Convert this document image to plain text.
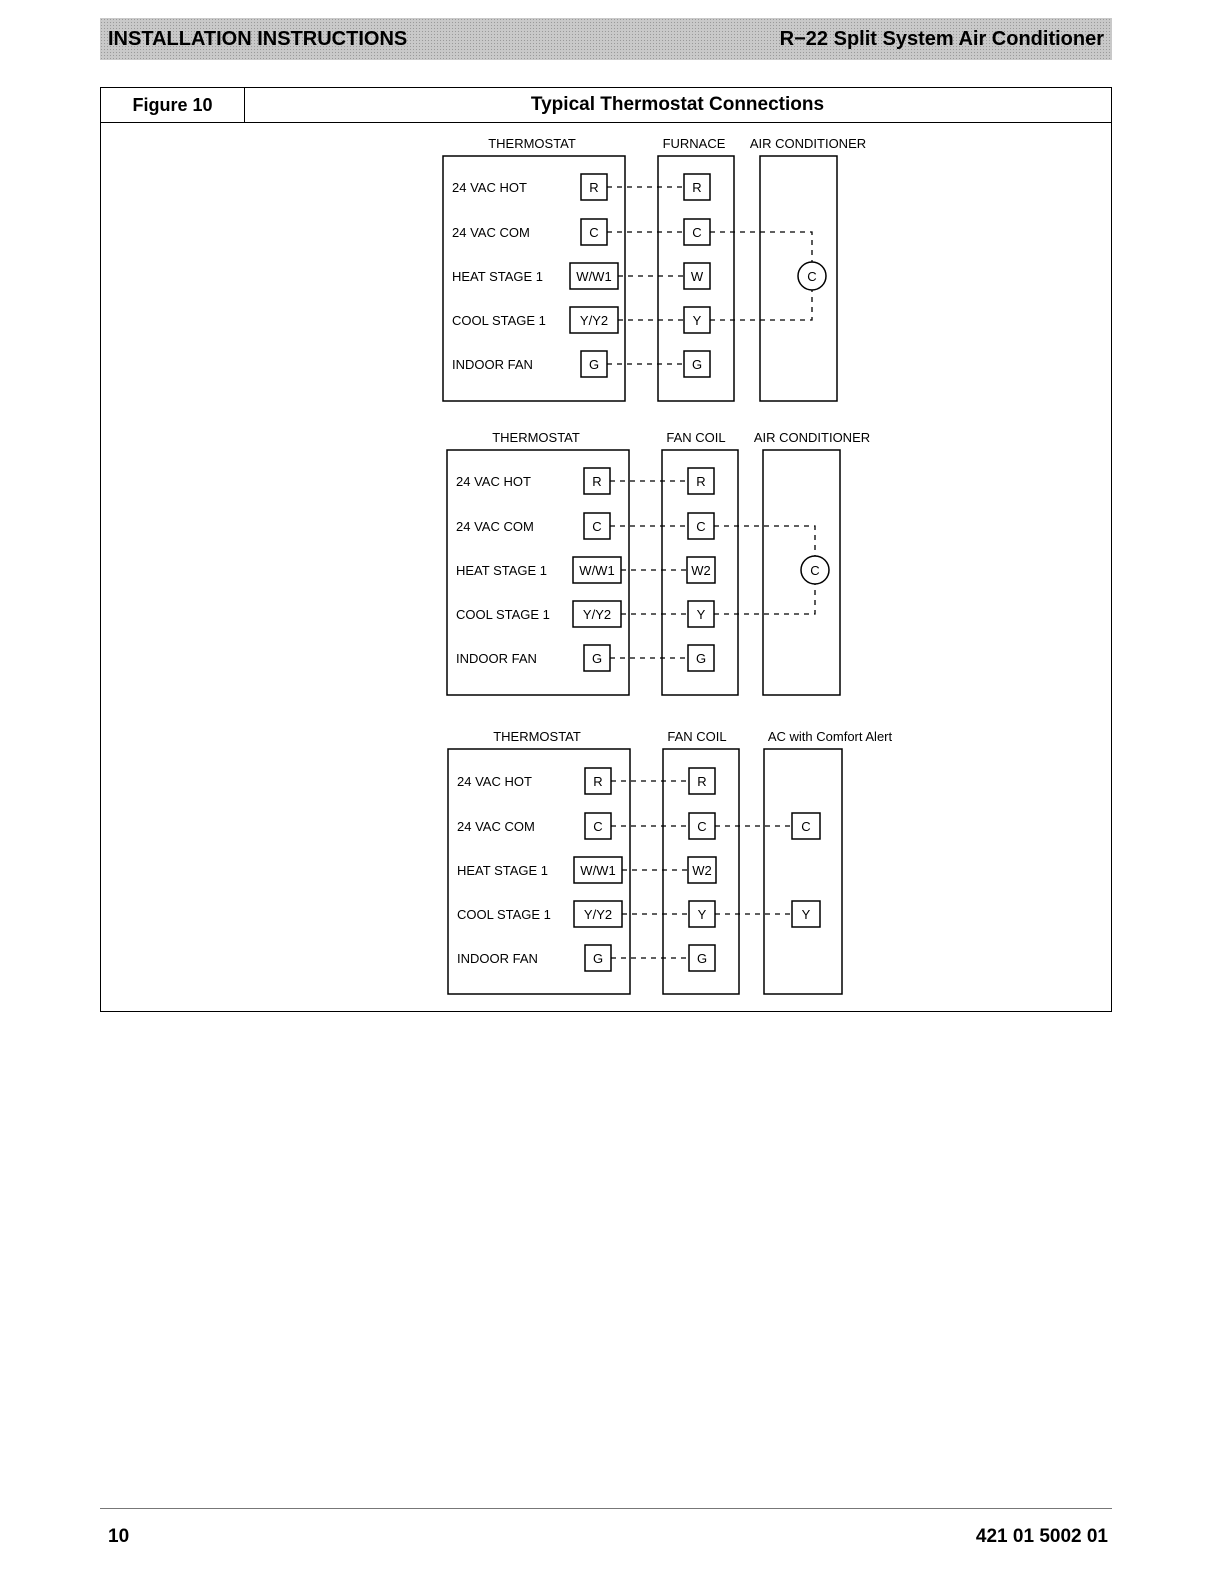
INSTALLATION INSTRUCTIONS	R−22 Split System Air Conditioner
Figure 10	Typical Thermostat Connections
THERMOSTAT	FURNACE AIR CONDITIONER
24 VAC HOT	R	R
24 VAC COM	C	C
HEAT STAGE 1	W/W1	W
COOL STAGE 1	Y/Y2	Y
INDOOR FAN	G	G
C
THERMOSTAT	FAN COIL AIR CONDITIONER
24 VAC HOT	R	R
24 VAC COM	C	C
HEAT STAGE 1 W/W1	W2
COOL STAGE 1	Y/Y2	Y
INDOOR FAN	G	G
C
THERMOSTAT	FAN COIL	AC with Comfort Alert
24 VAC HOT	R	R
24 VAC COM	C	C
HEAT STAGE 1 W/W1	W2
COOL STAGE 1	Y/Y2	Y
INDOOR FAN	G	G
C
Y
10	421 01 5002 01
